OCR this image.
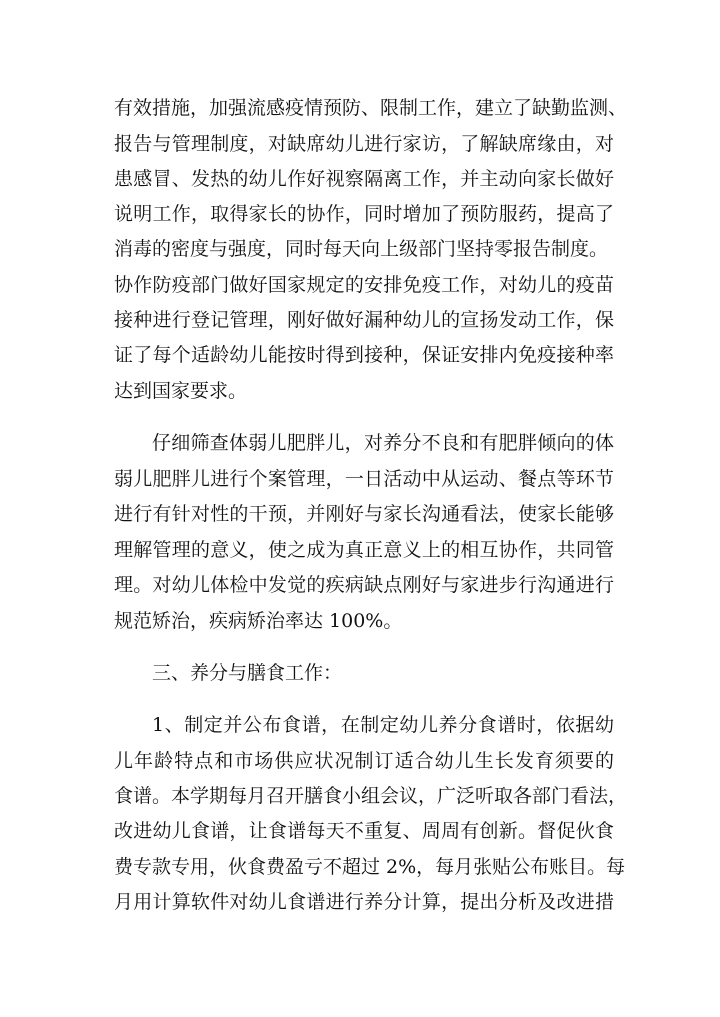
有效措施，加强流感疫情预防、限制工作，建立了缺勤监测、
报告与管理制度，对缺席幼儿进行家访，了解缺席缘由，对
患感冒、发热的幼儿作好视察隔离工作，并主动向家长做好
说明工作，取得家长的协作，同时增加了预防服药，提高了
消毒的密度与强度，同时每天向上级部门坚持零报告制度。
协作防疫部门做好国家规定的安排免疫工作，对幼儿的疫苗
接种进行登记管理，刚好做好漏种幼儿的宣扬发动工作，保
证了每个适龄幼儿能按时得到接种，保证安排内免疫接种率
达到国家要求。
仔细筛查体弱儿肥胖儿，对养分不良和有肥胖倾向的体
弱儿肥胖儿进行个案管理，一日活动中从运动、餐点等环节
进行有针对性的干预，并刚好与家长沟通看法，使家长能够
理解管理的意义，使之成为真正意义上的相互协作，共同管
理。对幼儿体检中发觉的疾病缺点刚好与家进步行沟通进行
规范矫治，疾病矫治率达 100%。
三、养分与膳食工作：
1、制定并公布食谱，在制定幼儿养分食谱时，依据幼
儿年龄特点和市场供应状况制订适合幼儿生长发育须要的
食谱。本学期每月召开膳食小组会议，广泛听取各部门看法，
改进幼儿食谱，让食谱每天不重复、周周有创新。督促伙食
费专款专用，伙食费盈亏不超过 2%，每月张贴公布账目。每
月用计算软件对幼儿食谱进行养分计算，提出分析及改进措
